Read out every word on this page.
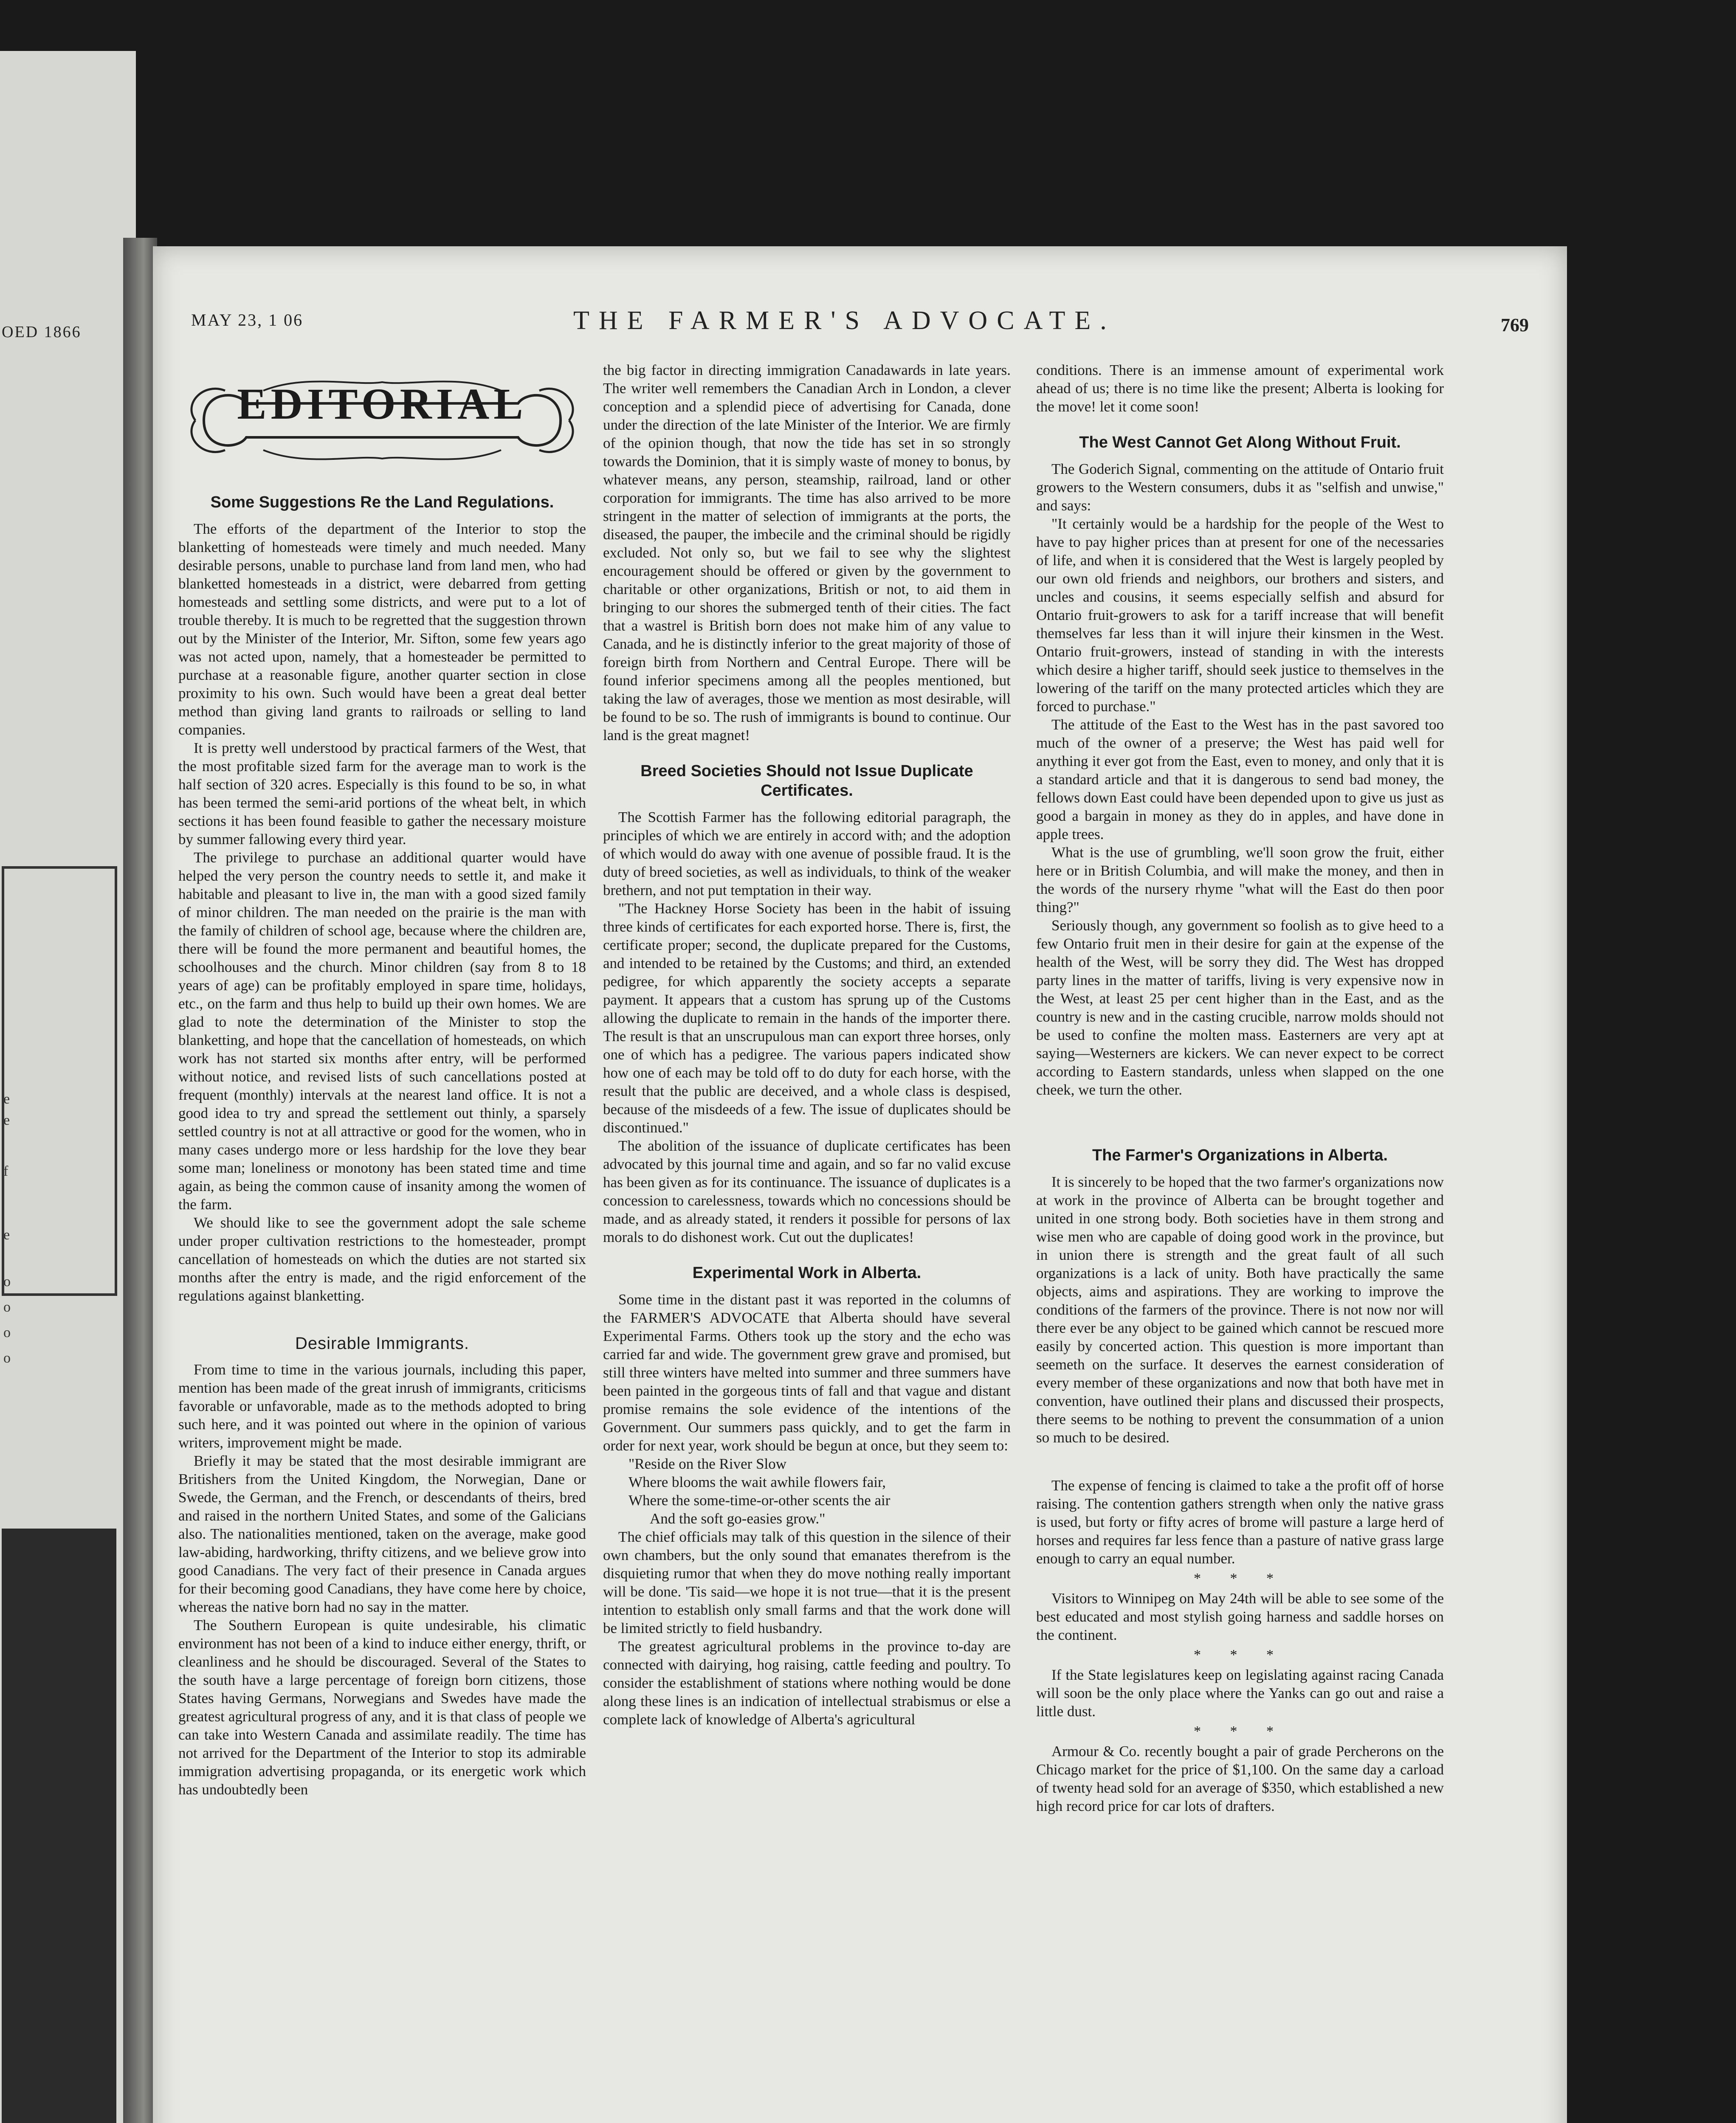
OED 1866
e
e
f
e
o
o
o
o
MAY 23, 1 06	THE FARMER'S ADVOCATE.	769
EDITORIAL
Some Suggestions Re the Land Regulations.

The efforts of the department of the Interior to stop the blanketting of homesteads were timely and much needed. Many desirable persons, unable to purchase land from land men, who had blanketted homesteads in a district, were debarred from getting homesteads and settling some districts, and were put to a lot of trouble thereby. It is much to be regretted that the suggestion thrown out by the Minister of the Interior, Mr. Sifton, some few years ago was not acted upon, namely, that a homesteader be permitted to purchase at a reasonable figure, another quarter section in close proximity to his own. Such would have been a great deal better method than giving land grants to railroads or selling to land companies.

It is pretty well understood by practical farmers of the West, that the most profitable sized farm for the average man to work is the half section of 320 acres. Especially is this found to be so, in what has been termed the semi-arid portions of the wheat belt, in which sections it has been found feasible to gather the necessary moisture by summer fallowing every third year.

The privilege to purchase an additional quarter would have helped the very person the country needs to settle it, and make it habitable and pleasant to live in, the man with a good sized family of minor children. The man needed on the prairie is the man with the family of children of school age, because where the children are, there will be found the more permanent and beautiful homes, the schoolhouses and the church. Minor children (say from 8 to 18 years of age) can be profitably employed in spare time, holidays, etc., on the farm and thus help to build up their own homes. We are glad to note the determination of the Minister to stop the blanketting, and hope that the cancellation of homesteads, on which work has not started six months after entry, will be performed without notice, and revised lists of such cancellations posted at frequent (monthly) intervals at the nearest land office. It is not a good idea to try and spread the settlement out thinly, a sparsely settled country is not at all attractive or good for the women, who in many cases undergo more or less hardship for the love they bear some man; loneliness or monotony has been stated time and time again, as being the common cause of insanity among the women of the farm.

We should like to see the government adopt the sale scheme under proper cultivation restrictions to the homesteader, prompt cancellation of homesteads on which the duties are not started six months after the entry is made, and the rigid enforcement of the regulations against blanketting.

Desirable Immigrants.

From time to time in the various journals, including this paper, mention has been made of the great inrush of immigrants, criticisms favorable or unfavorable, made as to the methods adopted to bring such here, and it was pointed out where in the opinion of various writers, improvement might be made.

Briefly it may be stated that the most desirable immigrant are Britishers from the United Kingdom, the Norwegian, Dane or Swede, the German, and the French, or descendants of theirs, bred and raised in the northern United States, and some of the Galicians also. The nationalities mentioned, taken on the average, make good law-abiding, hardworking, thrifty citizens, and we believe grow into good Canadians. The very fact of their presence in Canada argues for their becoming good Canadians, they have come here by choice, whereas the native born had no say in the matter.

The Southern European is quite undesirable, his climatic environment has not been of a kind to induce either energy, thrift, or cleanliness and he should be discouraged. Several of the States to the south have a large percentage of foreign born citizens, those States having Germans, Norwegians and Swedes have made the greatest agricultural progress of any, and it is that class of people we can take into Western Canada and assimilate readily. The time has not arrived for the Department of the Interior to stop its admirable immigration advertising propaganda, or its energetic work which has undoubtedly been

the big factor in directing immigration Canadawards in late years. The writer well remembers the Canadian Arch in London, a clever conception and a splendid piece of advertising for Canada, done under the direction of the late Minister of the Interior. We are firmly of the opinion though, that now the tide has set in so strongly towards the Dominion, that it is simply waste of money to bonus, by whatever means, any person, steamship, railroad, land or other corporation for immigrants. The time has also arrived to be more stringent in the matter of selection of immigrants at the ports, the diseased, the pauper, the imbecile and the criminal should be rigidly excluded. Not only so, but we fail to see why the slightest encouragement should be offered or given by the government to charitable or other organizations, British or not, to aid them in bringing to our shores the submerged tenth of their cities. The fact that a wastrel is British born does not make him of any value to Canada, and he is distinctly inferior to the great majority of those of foreign birth from Northern and Central Europe. There will be found inferior specimens among all the peoples mentioned, but taking the law of averages, those we mention as most desirable, will be found to be so. The rush of immigrants is bound to continue. Our land is the great magnet!

Breed Societies Should not Issue Duplicate Certificates.

The Scottish Farmer has the following editorial paragraph, the principles of which we are entirely in accord with; and the adoption of which would do away with one avenue of possible fraud. It is the duty of breed societies, as well as individuals, to think of the weaker brethern, and not put temptation in their way.

"The Hackney Horse Society has been in the habit of issuing three kinds of certificates for each exported horse. There is, first, the certificate proper; second, the duplicate prepared for the Customs, and intended to be retained by the Customs; and third, an extended pedigree, for which apparently the society accepts a separate payment. It appears that a custom has sprung up of the Customs allowing the duplicate to remain in the hands of the importer there. The result is that an unscrupulous man can export three horses, only one of which has a pedigree. The various papers indicated show how one of each may be told off to do duty for each horse, with the result that the public are deceived, and a whole class is despised, because of the misdeeds of a few. The issue of duplicates should be discontinued."

The abolition of the issuance of duplicate certificates has been advocated by this journal time and again, and so far no valid excuse has been given as for its continuance. The issuance of duplicates is a concession to carelessness, towards which no concessions should be made, and as already stated, it renders it possible for persons of lax morals to do dishonest work. Cut out the duplicates!

Experimental Work in Alberta.

Some time in the distant past it was reported in the columns of the FARMER'S ADVOCATE that Alberta should have several Experimental Farms. Others took up the story and the echo was carried far and wide. The government grew grave and promised, but still three winters have melted into summer and three summers have been painted in the gorgeous tints of fall and that vague and distant promise remains the sole evidence of the intentions of the Government. Our summers pass quickly, and to get the farm in order for next year, work should be begun at once, but they seem to:

"Reside on the River Slow

Where blooms the wait awhile flowers fair,

Where the some-time-or-other scents the air

And the soft go-easies grow."

The chief officials may talk of this question in the silence of their own chambers, but the only sound that emanates therefrom is the disquieting rumor that when they do move nothing really important will be done. 'Tis said—we hope it is not true—that it is the present intention to establish only small farms and that the work done will be limited strictly to field husbandry.

The greatest agricultural problems in the province to-day are connected with dairying, hog raising, cattle feeding and poultry. To consider the establishment of stations where nothing would be done along these lines is an indication of intellectual strabismus or else a complete lack of knowledge of Alberta's agricultural

conditions. There is an immense amount of experimental work ahead of us; there is no time like the present; Alberta is looking for the move! let it come soon!

The West Cannot Get Along Without Fruit.

The Goderich Signal, commenting on the attitude of Ontario fruit growers to the Western consumers, dubs it as "selfish and unwise," and says:

"It certainly would be a hardship for the people of the West to have to pay higher prices than at present for one of the necessaries of life, and when it is considered that the West is largely peopled by our own old friends and neighbors, our brothers and sisters, and uncles and cousins, it seems especially selfish and absurd for Ontario fruit-growers to ask for a tariff increase that will benefit themselves far less than it will injure their kinsmen in the West. Ontario fruit-growers, instead of standing in with the interests which desire a higher tariff, should seek justice to themselves in the lowering of the tariff on the many protected articles which they are forced to purchase."

The attitude of the East to the West has in the past savored too much of the owner of a preserve; the West has paid well for anything it ever got from the East, even to money, and only that it is a standard article and that it is dangerous to send bad money, the fellows down East could have been depended upon to give us just as good a bargain in money as they do in apples, and have done in apple trees.

What is the use of grumbling, we'll soon grow the fruit, either here or in British Columbia, and will make the money, and then in the words of the nursery rhyme "what will the East do then poor thing?"

Seriously though, any government so foolish as to give heed to a few Ontario fruit men in their desire for gain at the expense of the health of the West, will be sorry they did. The West has dropped party lines in the matter of tariffs, living is very expensive now in the West, at least 25 per cent higher than in the East, and as the country is new and in the casting crucible, narrow molds should not be used to confine the molten mass. Easterners are very apt at saying—Westerners are kickers. We can never expect to be correct according to Eastern standards, unless when slapped on the one cheek, we turn the other.

The Farmer's Organizations in Alberta.

It is sincerely to be hoped that the two farmer's organizations now at work in the province of Alberta can be brought together and united in one strong body. Both societies have in them strong and wise men who are capable of doing good work in the province, but in union there is strength and the great fault of all such organizations is a lack of unity. Both have practically the same objects, aims and aspirations. They are working to improve the conditions of the farmers of the province. There is not now nor will there ever be any object to be gained which cannot be rescued more easily by concerted action. This question is more important than seemeth on the surface. It deserves the earnest consideration of every member of these organizations and now that both have met in convention, have outlined their plans and discussed their prospects, there seems to be nothing to prevent the consummation of a union so much to be desired.

The expense of fencing is claimed to take a the profit off of horse raising. The contention gathers strength when only the native grass is used, but forty or fifty acres of brome will pasture a large herd of horses and requires far less fence than a pasture of native grass large enough to carry an equal number.

* * *

Visitors to Winnipeg on May 24th will be able to see some of the best educated and most stylish going harness and saddle horses on the continent.

* * *

If the State legislatures keep on legislating against racing Canada will soon be the only place where the Yanks can go out and raise a little dust.

* * *

Armour & Co. recently bought a pair of grade Percherons on the Chicago market for the price of $1,100. On the same day a carload of twenty head sold for an average of $350, which established a new high record price for car lots of drafters.
